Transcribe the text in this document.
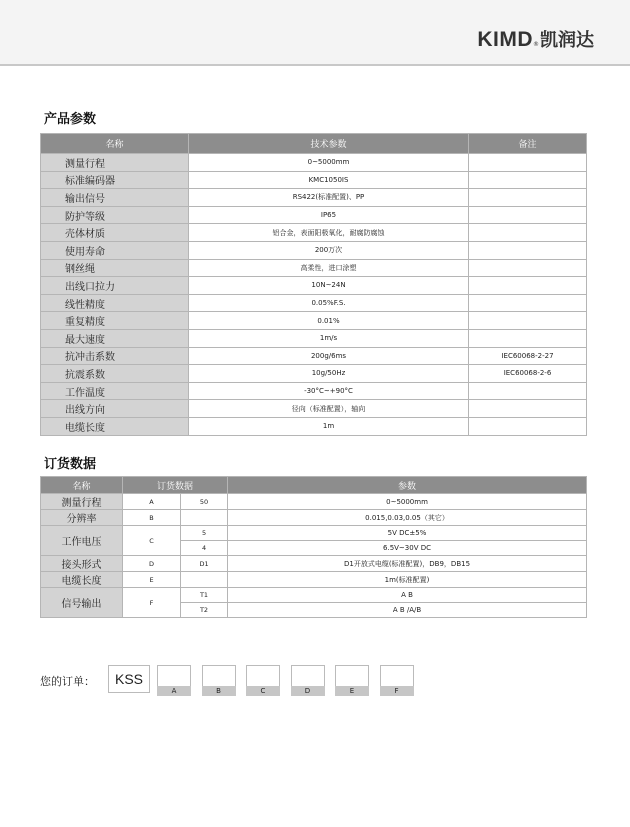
KIMD ® 凯润达
产品参数
名称	技术参数	备注
测量行程	0~5000mm	
标准编码器	KMC1050IS	
输出信号	RS422(标准配置)、PP	
防护等级	IP65	
壳体材质	铝合金，表面阳极氧化，耐腐防腐蚀	
使用寿命	200万次	
钢丝绳	高柔性，进口涂塑	
出线口拉力	10N~24N	
线性精度	0.05%F.S.	
重复精度	0.01%	
最大速度	1m/s	
抗冲击系数	200g/6ms	IEC60068-2-27
抗震系数	10g/50Hz	IEC60068-2-6
工作温度	-30°C~+90°C	
出线方向	径向（标准配置），轴向	
电缆长度	1m	
订货数据
名称	订货数据		参数
测量行程	A	50	0~5000mm
分辨率	B		0.015,0.03,0.05（其它）
工作电压	C	5	5V DC±5%
		4	6.5V~30V DC
接头形式	D	D1	D1开放式电缆(标准配置)，DB9，DB15
电缆长度	E		1m(标准配置)
信号输出	F	T1	A B
		T2	A B /A/B
您的订单：	KSS
A	B	C	D	E	F
